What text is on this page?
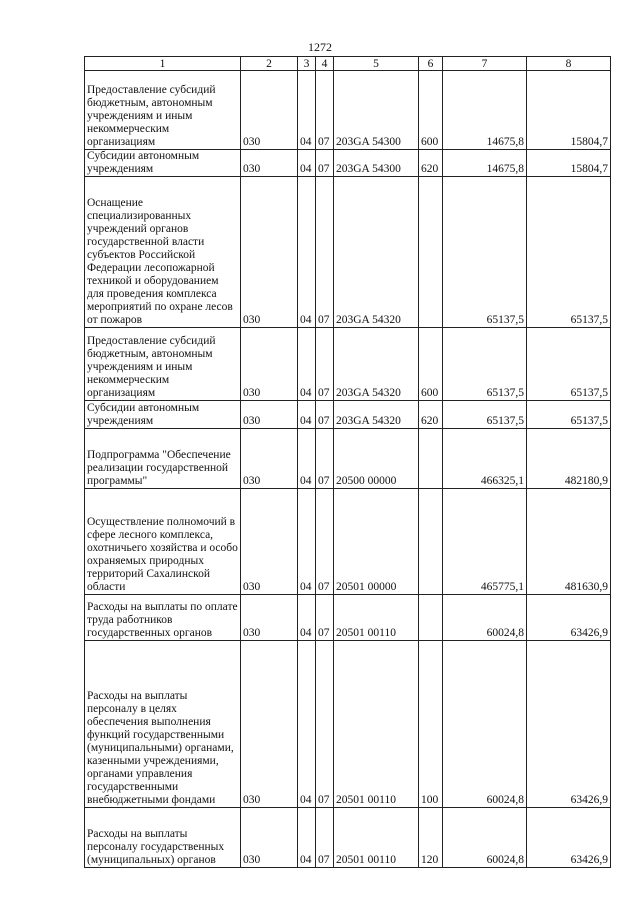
1272
1	2	3	4	5	6	7	8
Предоставление субсидий бюджетным, автономным учреждениям и иным некоммерческим организациям	030	04	07	203GA 54300	600	14675,8	15804,7
Субсидии автономным учреждениям	030	04	07	203GA 54300	620	14675,8	15804,7
Оснащение специализированных учреждений органов государственной власти субъектов Российской Федерации лесопожарной техникой и оборудованием для проведения комплекса мероприятий по охране лесов от пожаров	030	04	07	203GA 54320		65137,5	65137,5
Предоставление субсидий бюджетным, автономным учреждениям и иным некоммерческим организациям	030	04	07	203GA 54320	600	65137,5	65137,5
Субсидии автономным учреждениям	030	04	07	203GA 54320	620	65137,5	65137,5
Подпрограмма "Обеспечение реализации государственной программы"	030	04	07	20500 00000		466325,1	482180,9
Осуществление полномочий в сфере лесного комплекса, охотничьего хозяйства и особо охраняемых природных территорий Сахалинской области	030	04	07	20501 00000		465775,1	481630,9
Расходы на выплаты по оплате труда работников государственных органов	030	04	07	20501 00110		60024,8	63426,9
Расходы на выплаты персоналу в целях обеспечения выполнения функций государственными (муниципальными) органами, казенными учреждениями, органами управления государственными внебюджетными фондами	030	04	07	20501 00110	100	60024,8	63426,9
Расходы на выплаты персоналу государственных (муниципальных) органов	030	04	07	20501 00110	120	60024,8	63426,9
